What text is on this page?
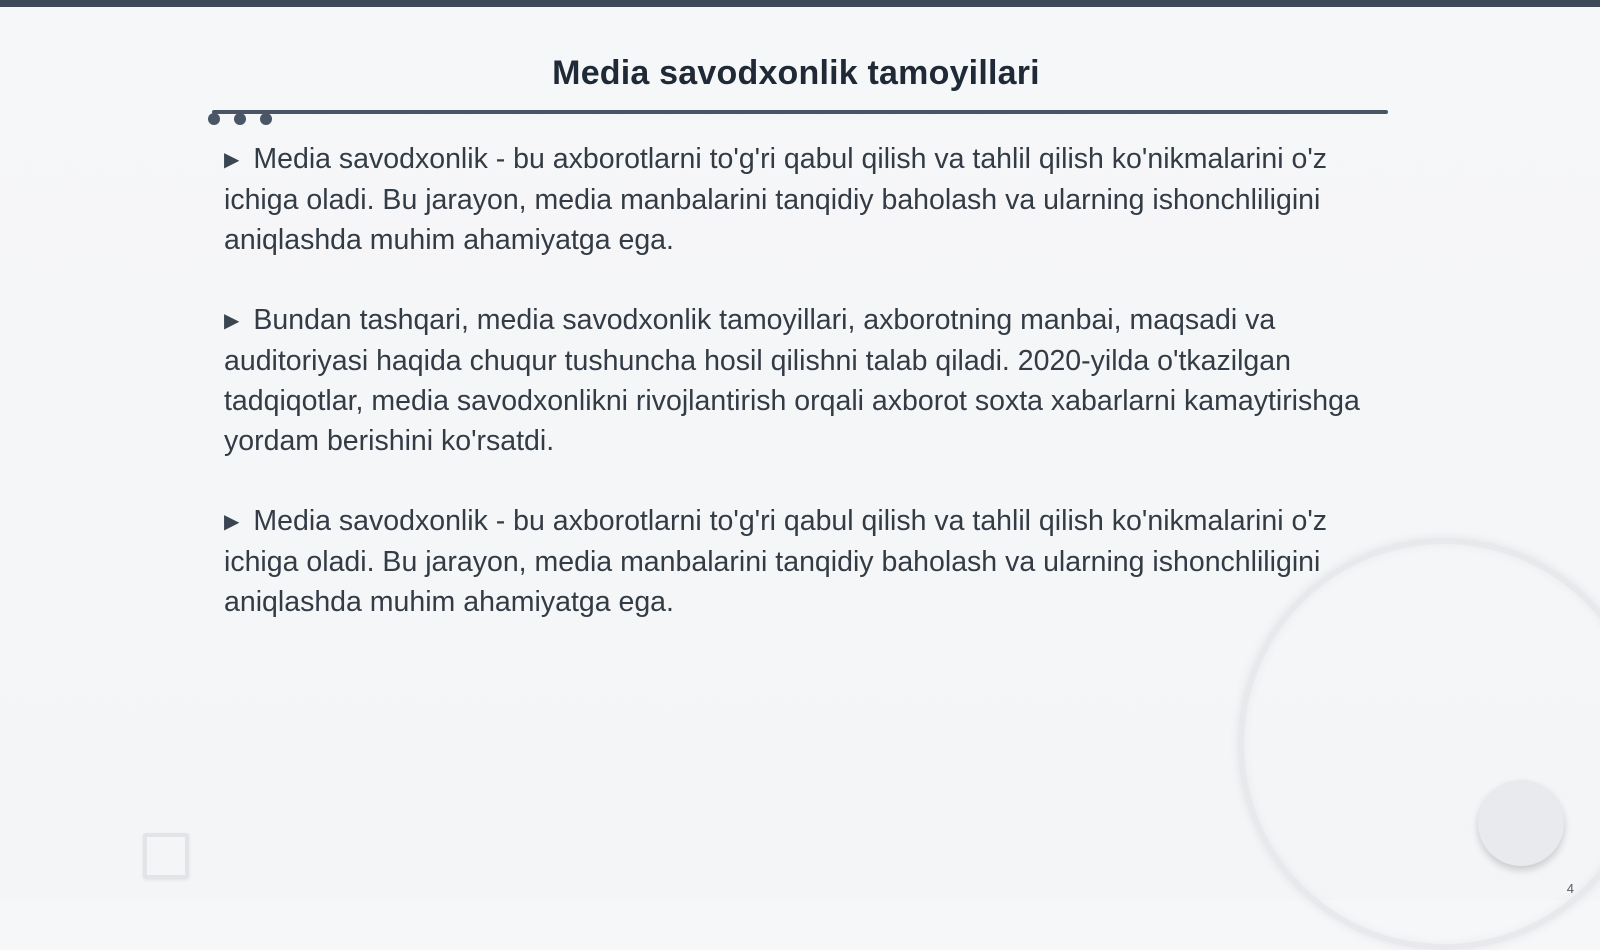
Media savodxonlik tamoyillari

▶ Media savodxonlik - bu axborotlarni to'g'ri qabul qilish va tahlil qilish ko'nikmalarini o'z ichiga oladi. Bu jarayon, media manbalarini tanqidiy baholash va ularning ishonchliligini aniqlashda muhim ahamiyatga ega.

▶ Bundan tashqari, media savodxonlik tamoyillari, axborotning manbai, maqsadi va auditoriyasi haqida chuqur tushuncha hosil qilishni talab qiladi. 2020-yilda o'tkazilgan tadqiqotlar, media savodxonlikni rivojlantirish orqali axborot soxta xabarlarni kamaytirishga yordam berishini ko'rsatdi.

▶ Media savodxonlik - bu axborotlarni to'g'ri qabul qilish va tahlil qilish ko'nikmalarini o'z ichiga oladi. Bu jarayon, media manbalarini tanqidiy baholash va ularning ishonchliligini aniqlashda muhim ahamiyatga ega.

4
